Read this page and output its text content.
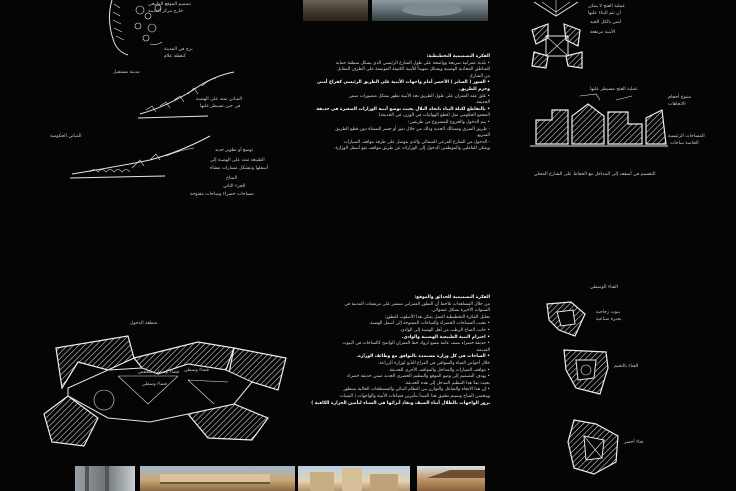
تصميم الموقع الطبيعي
خارج مركز المدينة
برج في المدينة
كنقطة علام
مدينة مستقبل
المباني تمتد على الهضبة
في حين تسيطر عليها
المباني الحكومية
توسع أو تطوير جديد
الطبيعة تمتد على الهضبة إلى
أسفلها وتتشكل مسارات مشاة
المناخ
الجزء الثاني
مساحات خضراء وساحات مفتوحة

الفكرة التصميمية التخطيطية:

• بلدية عمرانية صريحة وواضحة على طول الشارع الرئيسي الذي يشكل منطقة حماية

للمناطق المحاذية الهضبية ويشكل تمهيداً للأبنية الكثيفة الموضعة على الطرف المقابل

من الشارع.

• السور ( الساتر ) الأخضر أمام واجهات الأبنية على الطريق الرئيسي كفراغ أمني

وحرم للطريق.

• غلق عقد العمران على طول الطريق تجد الأبنية تظهر بشكل متصورات ضمن

الحديقة.

• بالتقاطع لكتلة البناء باتجاه التلال بحيث توضع أبنية الوزارات الصغيرة في حديقة

المجمع الحكومي مثل (قطع الهوائيات في الوزن، في الحديقة).

• يتم الدخول والخروج للمشروع من طريقين:

- طريق الشرق ومسالك الجديد وذلك من خلال نفق أو جسر للمشاة دون قطع الطريق

السريع.

- الدخول من الشارع الفرعي الشمالي والذي نتوصل على طرفه مواقف السيارات

ويمكن للعاملين والموظفين الدخول إلى الوزارات عن طريق مواقف تقع أسفل الوزارة.

عملية الفتح لا يمكن
أن تتم البناء عليها
ليس بالكل الجيد
الأبنية مرتفعة
عملية الفتح مسيطر عليها
متنوع أحجام
الاتجاهات
المساحات الرئيسية
الخاصة ساحات
التقسيم في أسقف إلى المداخل مع الحفاظ على الشارع المحلي

الفكرة التصميمية للحدائق والموقع:

من خلال المشاهدات تلاحظ أن التطور العمراني منتشر على مرتفعات المدينة في

السنوات الأخيرة بشكل عشوائي.

تحليل الفكرة التخطيطية العمل يمكن هذا الأسلوب للتطور:

• تجنب المساحات الخضراء والساحات المفتوحة إلى أسفل الهضبة.

• جانب المناخ الرطب من أهل الهضبة إلى الوادي.

• احترام البنية الطبيعية الهضبية والوادي.

• حديقة خضراء نصف عامة تتسع لرواد خط العمران الواضح كالساحات في البيوت

القديمة.

• الساحات في كل وزارة مستمدة بالتوافق مع وظائف الوزارة.

خلال أحواض المياه والسواقي في الفراغ التابع لوزارة الزراعة.

• مواقف السيارات والمداخل والمواقف الأخرى للحديقة.

• يهدف التصميم إلى وضع الموقع والتنظيم الحضري الجديد ضمن حديقة خضراء

بحيث يعدّ هذا التنظيم المدخل إلى هذه الحديقة.

• إن هذا الاتجاه والتفاعل والتوازن بين النظام البنائي والمسطحات الخالية ستطور

ويتحسن المناخ وسيتم تطبيق هذا المبدأ بتأثيرين فضاءات الأبنية والواجهات ( الشيات

بروز الواجهات بالظلال أثناء الصيف ونفاذ أبرائها في الشتاء لتأمين الحرارة الكافية )

منطقة الدخول
فضاء وسطي منخفض فضاء وسطي
فضاء وسطي
الفناء الوسطي
بيوت زجاجية
بحيرة صناعية
الفناء بالتخيم
فناء أخضر
